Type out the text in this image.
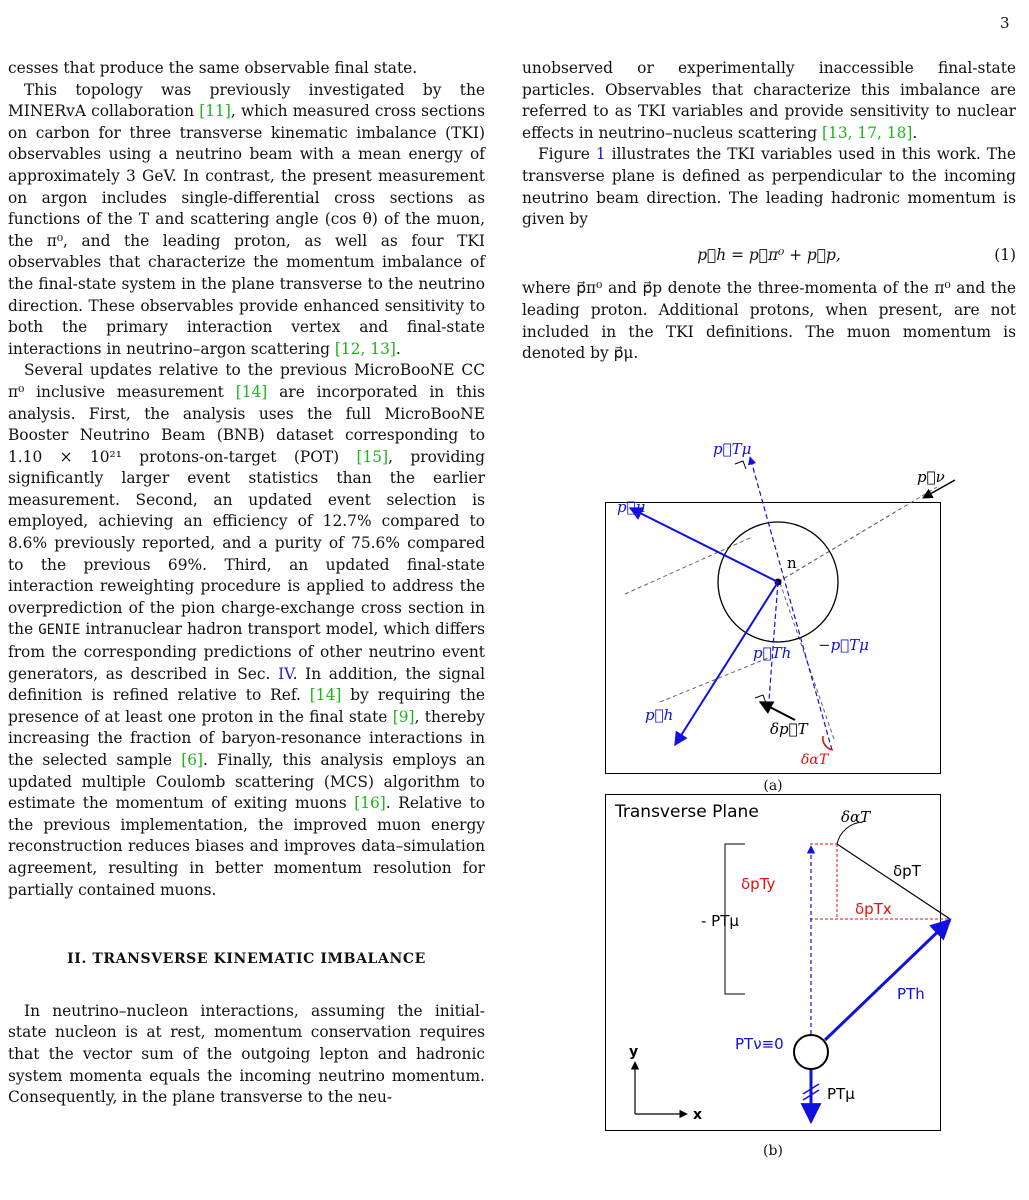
3

cesses that produce the same observable final state.

This topology was previously investigated by the MINERvA collaboration [11], which measured cross sections on carbon for three transverse kinematic imbalance (TKI) observables using a neutrino beam with a mean energy of approximately 3 GeV. In contrast, the present measurement on argon includes single-differential cross sections as functions of the T and scattering angle (cos θ) of the muon, the π⁰, and the leading proton, as well as four TKI observables that characterize the momentum imbalance of the final-state system in the plane transverse to the neutrino direction. These observables provide enhanced sensitivity to both the primary interaction vertex and final-state interactions in neutrino–argon scattering [12, 13].

Several updates relative to the previous MicroBooNE CC π⁰ inclusive measurement [14] are incorporated in this analysis. First, the analysis uses the full MicroBooNE Booster Neutrino Beam (BNB) dataset corresponding to 1.10 × 10²¹ protons-on-target (POT) [15], providing significantly larger event statistics than the earlier measurement. Second, an updated event selection is employed, achieving an efficiency of 12.7% compared to 8.6% previously reported, and a purity of 75.6% compared to the previous 69%. Third, an updated final-state interaction reweighting procedure is applied to address the overprediction of the pion charge-exchange cross section in the GENIE intranuclear hadron transport model, which differs from the corresponding predictions of other neutrino event generators, as described in Sec. IV. In addition, the signal definition is refined relative to Ref. [14] by requiring the presence of at least one proton in the final state [9], thereby increasing the fraction of baryon-resonance interactions in the selected sample [6]. Finally, this analysis employs an updated multiple Coulomb scattering (MCS) algorithm to estimate the momentum of exiting muons [16]. Relative to the previous implementation, the improved muon energy reconstruction reduces biases and improves data–simulation agreement, resulting in better momentum resolution for partially contained muons.

II. TRANSVERSE KINEMATIC IMBALANCE

In neutrino–nucleon interactions, assuming the initial-state nucleon is at rest, momentum conservation requires that the vector sum of the outgoing lepton and hadronic system momenta equals the incoming neutrino momentum. Consequently, in the plane transverse to the neu-

unobserved or experimentally inaccessible final-state particles. Observables that characterize this imbalance are referred to as TKI variables and provide sensitivity to nuclear effects in neutrino–nucleus scattering [13, 17, 18].

Figure 1 illustrates the TKI variables used in this work. The transverse plane is defined as perpendicular to the incoming neutrino beam direction. The leading hadronic momentum is given by

p⃗h = p⃗π⁰ + p⃗p,	(1)

where p⃗π⁰ and p⃗p denote the three-momenta of the π⁰ and the leading proton. Additional protons, when present, are not included in the TKI definitions. The muon momentum is denoted by p⃗μ.

p⃗Tμ
p⃗ν
p⃗μ
n
−p⃗Tμ
p⃗Th
p⃗h
δp⃗T
δαT
(a)
Transverse Plane	δαT
δpT
δpTy
δpTx
- PTμ
PTh
PTν≡0
PTμ
y
x
(b)
